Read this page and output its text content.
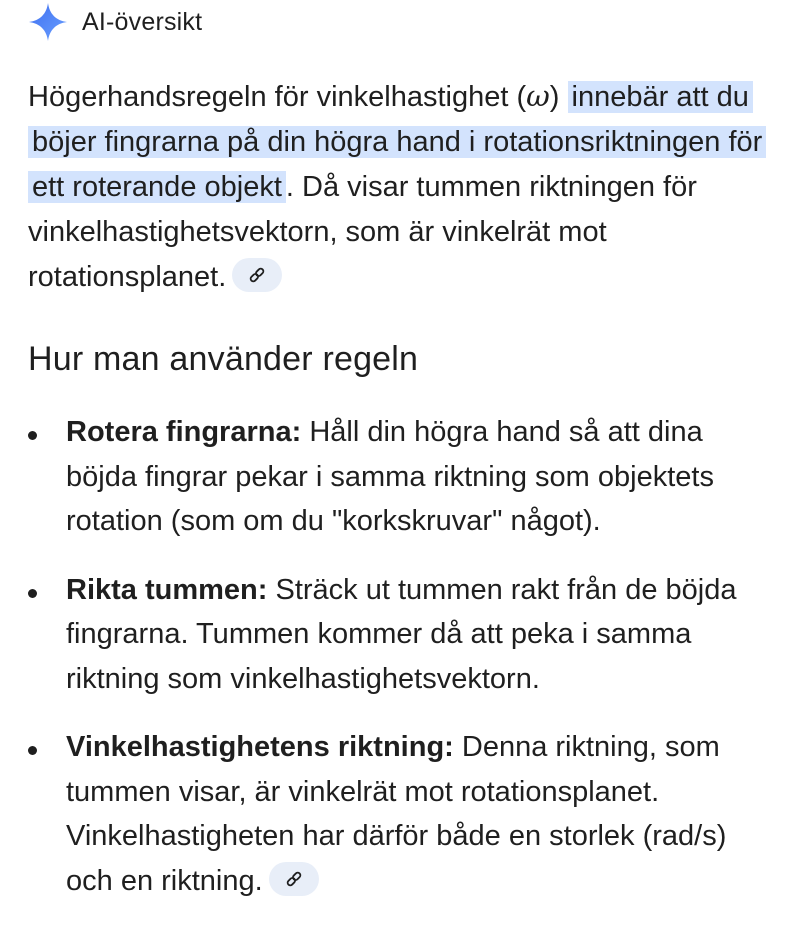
AI-översikt

Högerhandsregeln för vinkelhastighet (ω) innebär att du böjer fingrarna på din högra hand i rotationsriktningen för ett roterande objekt . Då visar tummen riktningen för vinkelhastighetsvektorn, som är vinkelrät mot rotationsplanet.

Hur man använder regeln
Rotera fingrarna: Håll din högra hand så att dina böjda fingrar pekar i samma riktning som objektets rotation (som om du "korkskruvar" något).
Rikta tummen: Sträck ut tummen rakt från de böjda fingrarna. Tummen kommer då att peka i samma riktning som vinkelhastighetsvektorn.
Vinkelhastighetens riktning: Denna riktning, som tummen visar, är vinkelrät mot rotationsplanet. Vinkelhastigheten har därför både en storlek (rad/s) och en riktning.
